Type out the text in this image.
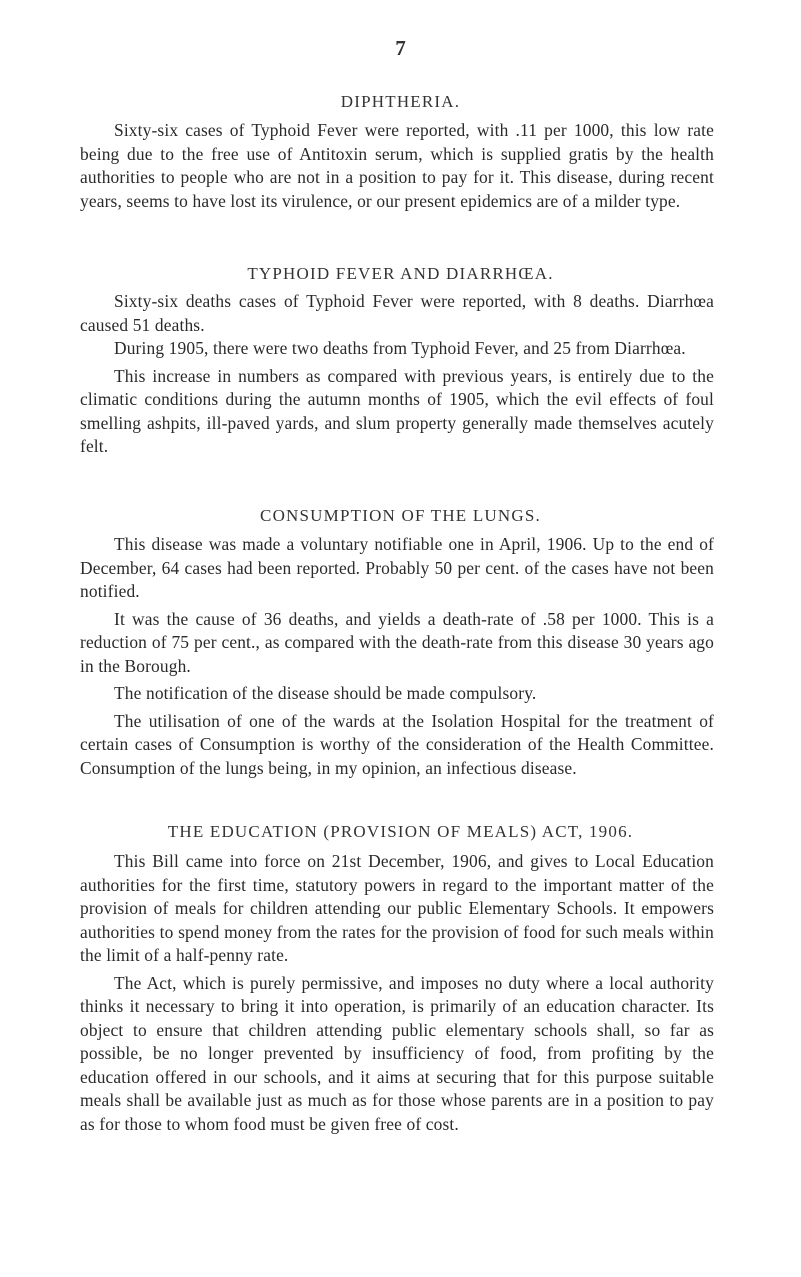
7
DIPHTHERIA.

Sixty-six cases of Typhoid Fever were reported, with .11 per 1000, this low rate being due to the free use of Antitoxin serum, which is supplied gratis by the health authorities to people who are not in a position to pay for it. This disease, during recent years, seems to have lost its virulence, or our present epidemics are of a milder type.

TYPHOID FEVER AND DIARRHŒA.

Sixty-six deaths cases of Typhoid Fever were reported, with 8 deaths. Diarrhœa caused 51 deaths.

During 1905, there were two deaths from Typhoid Fever, and 25 from Diarrhœa.

This increase in numbers as compared with previous years, is entirely due to the climatic conditions during the autumn months of 1905, which the evil effects of foul smelling ashpits, ill-paved yards, and slum property generally made themselves acutely felt.

CONSUMPTION OF THE LUNGS.

This disease was made a voluntary notifiable one in April, 1906. Up to the end of December, 64 cases had been reported. Probably 50 per cent. of the cases have not been notified.

It was the cause of 36 deaths, and yields a death-rate of .58 per 1000. This is a reduction of 75 per cent., as compared with the death-rate from this disease 30 years ago in the Borough.

The notification of the disease should be made compulsory.

The utilisation of one of the wards at the Isolation Hospital for the treatment of certain cases of Consumption is worthy of the consideration of the Health Committee. Consumption of the lungs being, in my opinion, an infectious disease.

THE EDUCATION (PROVISION OF MEALS) ACT, 1906.

This Bill came into force on 21st December, 1906, and gives to Local Education authorities for the first time, statutory powers in regard to the important matter of the provision of meals for children attending our public Elementary Schools. It empowers authorities to spend money from the rates for the provision of food for such meals within the limit of a half-penny rate.

The Act, which is purely permissive, and imposes no duty where a local authority thinks it necessary to bring it into operation, is primarily of an education character. Its object to ensure that children attending public elementary schools shall, so far as possible, be no longer prevented by insufficiency of food, from profiting by the education offered in our schools, and it aims at securing that for this purpose suitable meals shall be available just as much as for those whose parents are in a position to pay as for those to whom food must be given free of cost.
